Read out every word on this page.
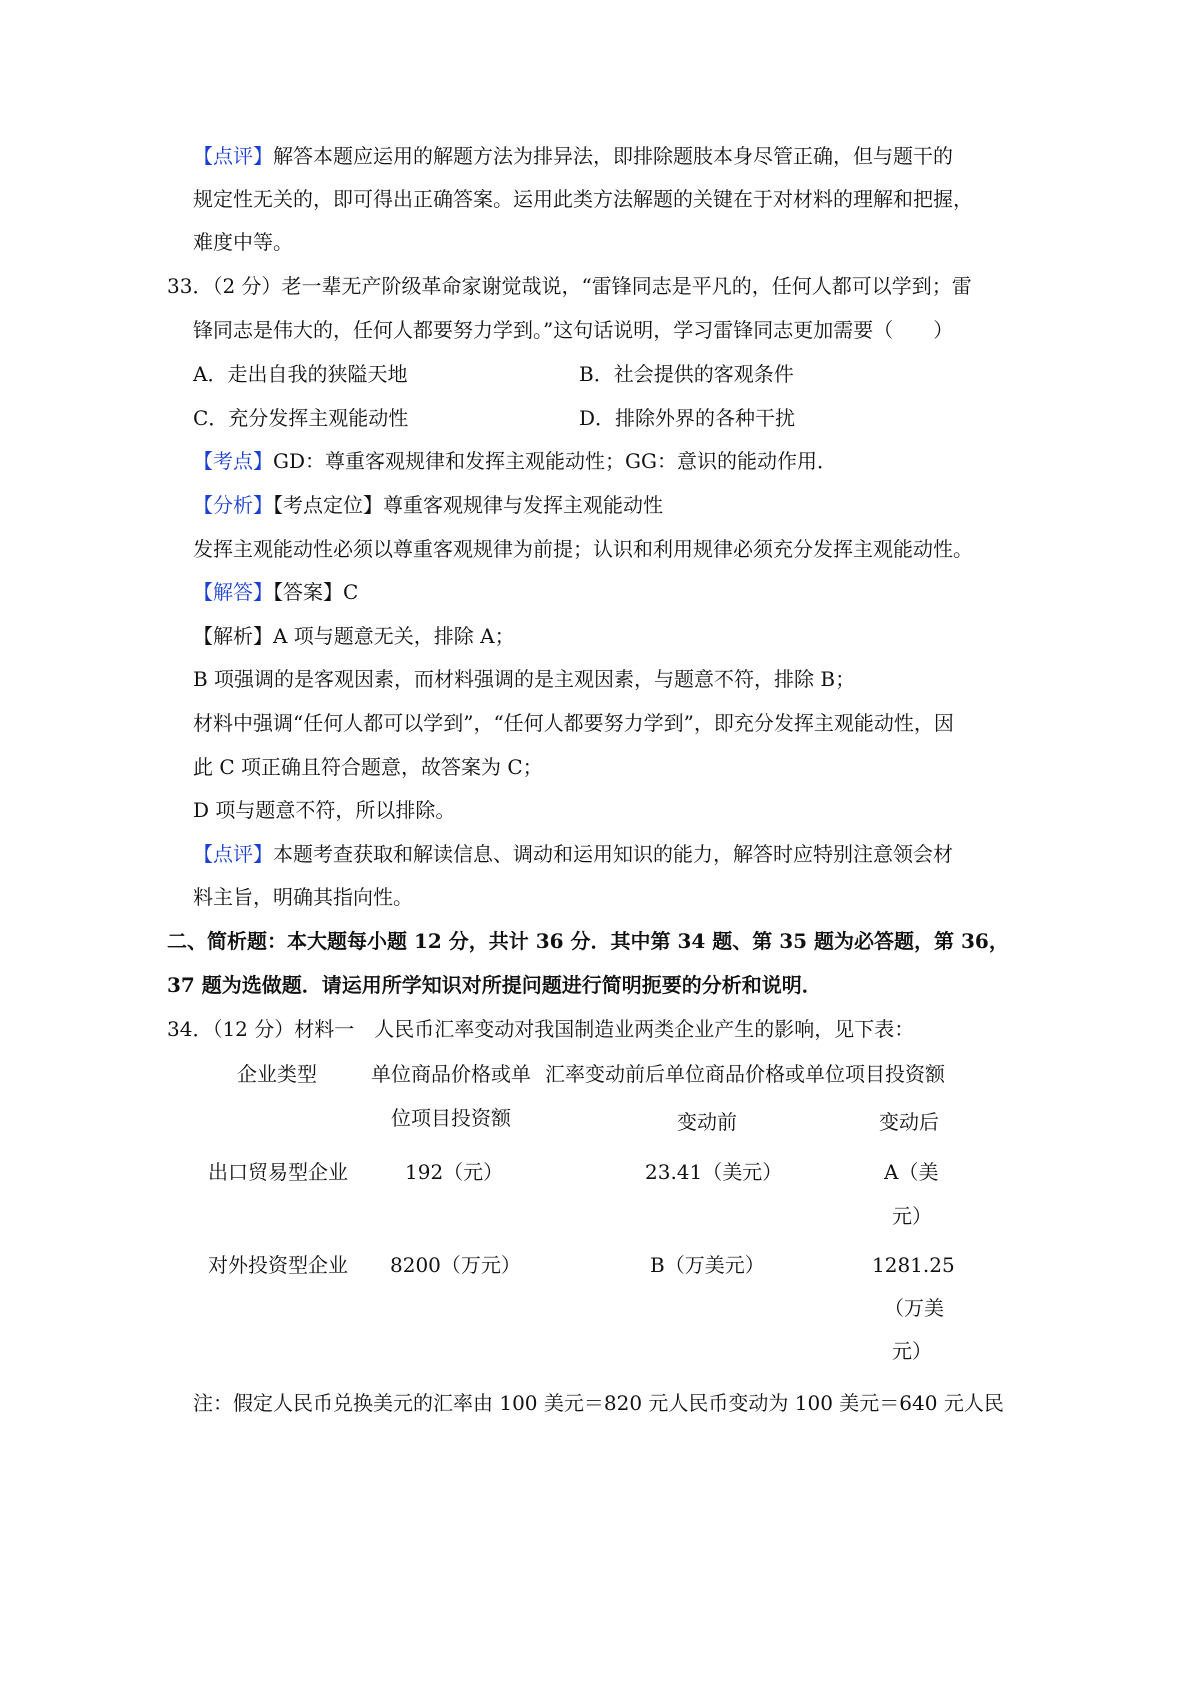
【点评】解答本题应运用的解题方法为排异法，即排除题肢本身尽管正确，但与题干的
规定性无关的，即可得出正确答案。运用此类方法解题的关键在于对材料的理解和把握，
难度中等。
33．（2 分）老一辈无产阶级革命家谢觉哉说，“雷锋同志是平凡的，任何人都可以学到；雷
锋同志是伟大的，任何人都要努力学到。”这句话说明，学习雷锋同志更加需要（　　）
A．走出自我的狭隘天地	B．社会提供的客观条件
C．充分发挥主观能动性	D．排除外界的各种干扰
【考点】GD：尊重客观规律和发挥主观能动性；GG：意识的能动作用．
【分析】【考点定位】尊重客观规律与发挥主观能动性
发挥主观能动性必须以尊重客观规律为前提；认识和利用规律必须充分发挥主观能动性。
【解答】【答案】C
【解析】A 项与题意无关，排除 A；
B 项强调的是客观因素，而材料强调的是主观因素，与题意不符，排除 B；
材料中强调“任何人都可以学到”，“任何人都要努力学到”，即充分发挥主观能动性，因
此 C 项正确且符合题意，故答案为 C；
D 项与题意不符，所以排除。
【点评】本题考查获取和解读信息、调动和运用知识的能力，解答时应特别注意领会材
料主旨，明确其指向性。
二、简析题：本大题每小题 12 分，共计 36 分．其中第 34 题、第 35 题为必答题，第 36，
37 题为选做题．请运用所学知识对所提问题进行简明扼要的分析和说明．
34．（12 分）材料一　人民币汇率变动对我国制造业两类企业产生的影响，见下表：
企业类型	单位商品价格或单
位项目投资额
汇率变动前后单位商品价格或单位项目投资额
变动前	变动后
出口贸易型企业	192（元）	23.41（美元）	A（美
元）
对外投资型企业 8200（万元）	B（万美元）	1281.25
（万美
元）
注：假定人民币兑换美元的汇率由 100 美元＝820 元人民币变动为 100 美元＝640 元人民
